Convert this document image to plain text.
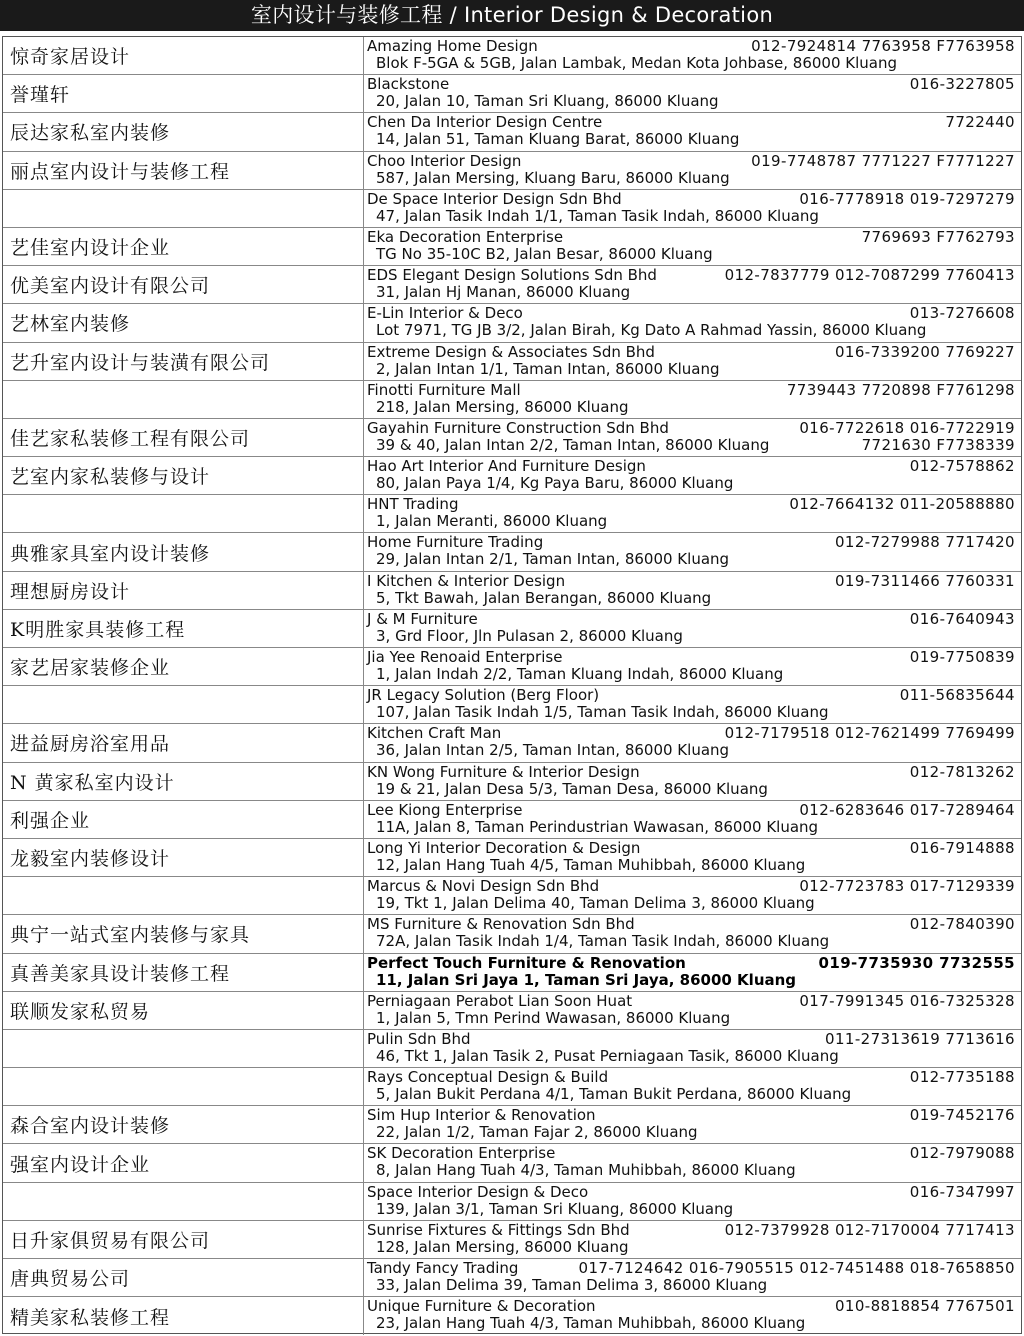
室内设计与装修工程 / Interior Design & Decoration
惊奇家居设计
Amazing Home Design	012-7924814 7763958 F7763958
Blok F-5GA & 5GB, Jalan Lambak, Medan Kota Johbase, 86000 Kluang
誉瑾轩
Blackstone	016-3227805
20, Jalan 10, Taman Sri Kluang, 86000 Kluang
辰达家私室内装修
Chen Da Interior Design Centre	7722440
14, Jalan 51, Taman Kluang Barat, 86000 Kluang
丽点室内设计与装修工程
Choo Interior Design	019-7748787 7771227 F7771227
587, Jalan Mersing, Kluang Baru, 86000 Kluang
De Space Interior Design Sdn Bhd	016-7778918 019-7297279
47, Jalan Tasik Indah 1/1, Taman Tasik Indah, 86000 Kluang
艺佳室内设计企业
Eka Decoration Enterprise	7769693 F7762793
TG No 35-10C B2, Jalan Besar, 86000 Kluang
优美室内设计有限公司
EDS Elegant Design Solutions Sdn Bhd	012-7837779 012-7087299 7760413
31, Jalan Hj Manan, 86000 Kluang
艺林室内装修
E-Lin Interior & Deco	013-7276608
Lot 7971, TG JB 3/2, Jalan Birah, Kg Dato A Rahmad Yassin, 86000 Kluang
艺升室内设计与装潢有限公司
Extreme Design & Associates Sdn Bhd	016-7339200 7769227
2, Jalan Intan 1/1, Taman Intan, 86000 Kluang
Finotti Furniture Mall	7739443 7720898 F7761298
218, Jalan Mersing, 86000 Kluang
佳艺家私装修工程有限公司
Gayahin Furniture Construction Sdn Bhd	016-7722618 016-7722919
39 & 40, Jalan Intan 2/2, Taman Intan, 86000 Kluang	7721630 F7738339
艺室内家私装修与设计
Hao Art Interior And Furniture Design	012-7578862
80, Jalan Paya 1/4, Kg Paya Baru, 86000 Kluang
HNT Trading	012-7664132 011-20588880
1, Jalan Meranti, 86000 Kluang
典雅家具室内设计装修
Home Furniture Trading	012-7279988 7717420
29, Jalan Intan 2/1, Taman Intan, 86000 Kluang
理想厨房设计
I Kitchen & Interior Design	019-7311466 7760331
5, Tkt Bawah, Jalan Berangan, 86000 Kluang
K明胜家具装修工程
J & M Furniture	016-7640943
3, Grd Floor, Jln Pulasan 2, 86000 Kluang
家艺居家装修企业
Jia Yee Renoaid Enterprise	019-7750839
1, Jalan Indah 2/2, Taman Kluang Indah, 86000 Kluang
JR Legacy Solution (Berg Floor)	011-56835644
107, Jalan Tasik Indah 1/5, Taman Tasik Indah, 86000 Kluang
进益厨房浴室用品
Kitchen Craft Man	012-7179518 012-7621499 7769499
36, Jalan Intan 2/5, Taman Intan, 86000 Kluang
N 黄家私室内设计
KN Wong Furniture & Interior Design	012-7813262
19 & 21, Jalan Desa 5/3, Taman Desa, 86000 Kluang
利强企业
Lee Kiong Enterprise	012-6283646 017-7289464
11A, Jalan 8, Taman Perindustrian Wawasan, 86000 Kluang
龙毅室内装修设计
Long Yi Interior Decoration & Design	016-7914888
12, Jalan Hang Tuah 4/5, Taman Muhibbah, 86000 Kluang
Marcus & Novi Design Sdn Bhd	012-7723783 017-7129339
19, Tkt 1, Jalan Delima 40, Taman Delima 3, 86000 Kluang
典宁一站式室内装修与家具
MS Furniture & Renovation Sdn Bhd	012-7840390
72A, Jalan Tasik Indah 1/4, Taman Tasik Indah, 86000 Kluang
真善美家具设计装修工程
Perfect Touch Furniture & Renovation	019-7735930 7732555
11, Jalan Sri Jaya 1, Taman Sri Jaya, 86000 Kluang
联顺发家私贸易
Perniagaan Perabot Lian Soon Huat	017-7991345 016-7325328
1, Jalan 5, Tmn Perind Wawasan, 86000 Kluang
Pulin Sdn Bhd	011-27313619 7713616
46, Tkt 1, Jalan Tasik 2, Pusat Perniagaan Tasik, 86000 Kluang
Rays Conceptual Design & Build	012-7735188
5, Jalan Bukit Perdana 4/1, Taman Bukit Perdana, 86000 Kluang
森合室内设计装修
Sim Hup Interior & Renovation	019-7452176
22, Jalan 1/2, Taman Fajar 2, 86000 Kluang
强室内设计企业
SK Decoration Enterprise	012-7979088
8, Jalan Hang Tuah 4/3, Taman Muhibbah, 86000 Kluang
Space Interior Design & Deco	016-7347997
139, Jalan 3/1, Taman Sri Kluang, 86000 Kluang
日升家俱贸易有限公司
Sunrise Fixtures & Fittings Sdn Bhd	012-7379928 012-7170004 7717413
128, Jalan Mersing, 86000 Kluang
唐典贸易公司
Tandy Fancy Trading	017-7124642 016-7905515 012-7451488 018-7658850
33, Jalan Delima 39, Taman Delima 3, 86000 Kluang
精美家私装修工程
Unique Furniture & Decoration	010-8818854 7767501
23, Jalan Hang Tuah 4/3, Taman Muhibbah, 86000 Kluang
